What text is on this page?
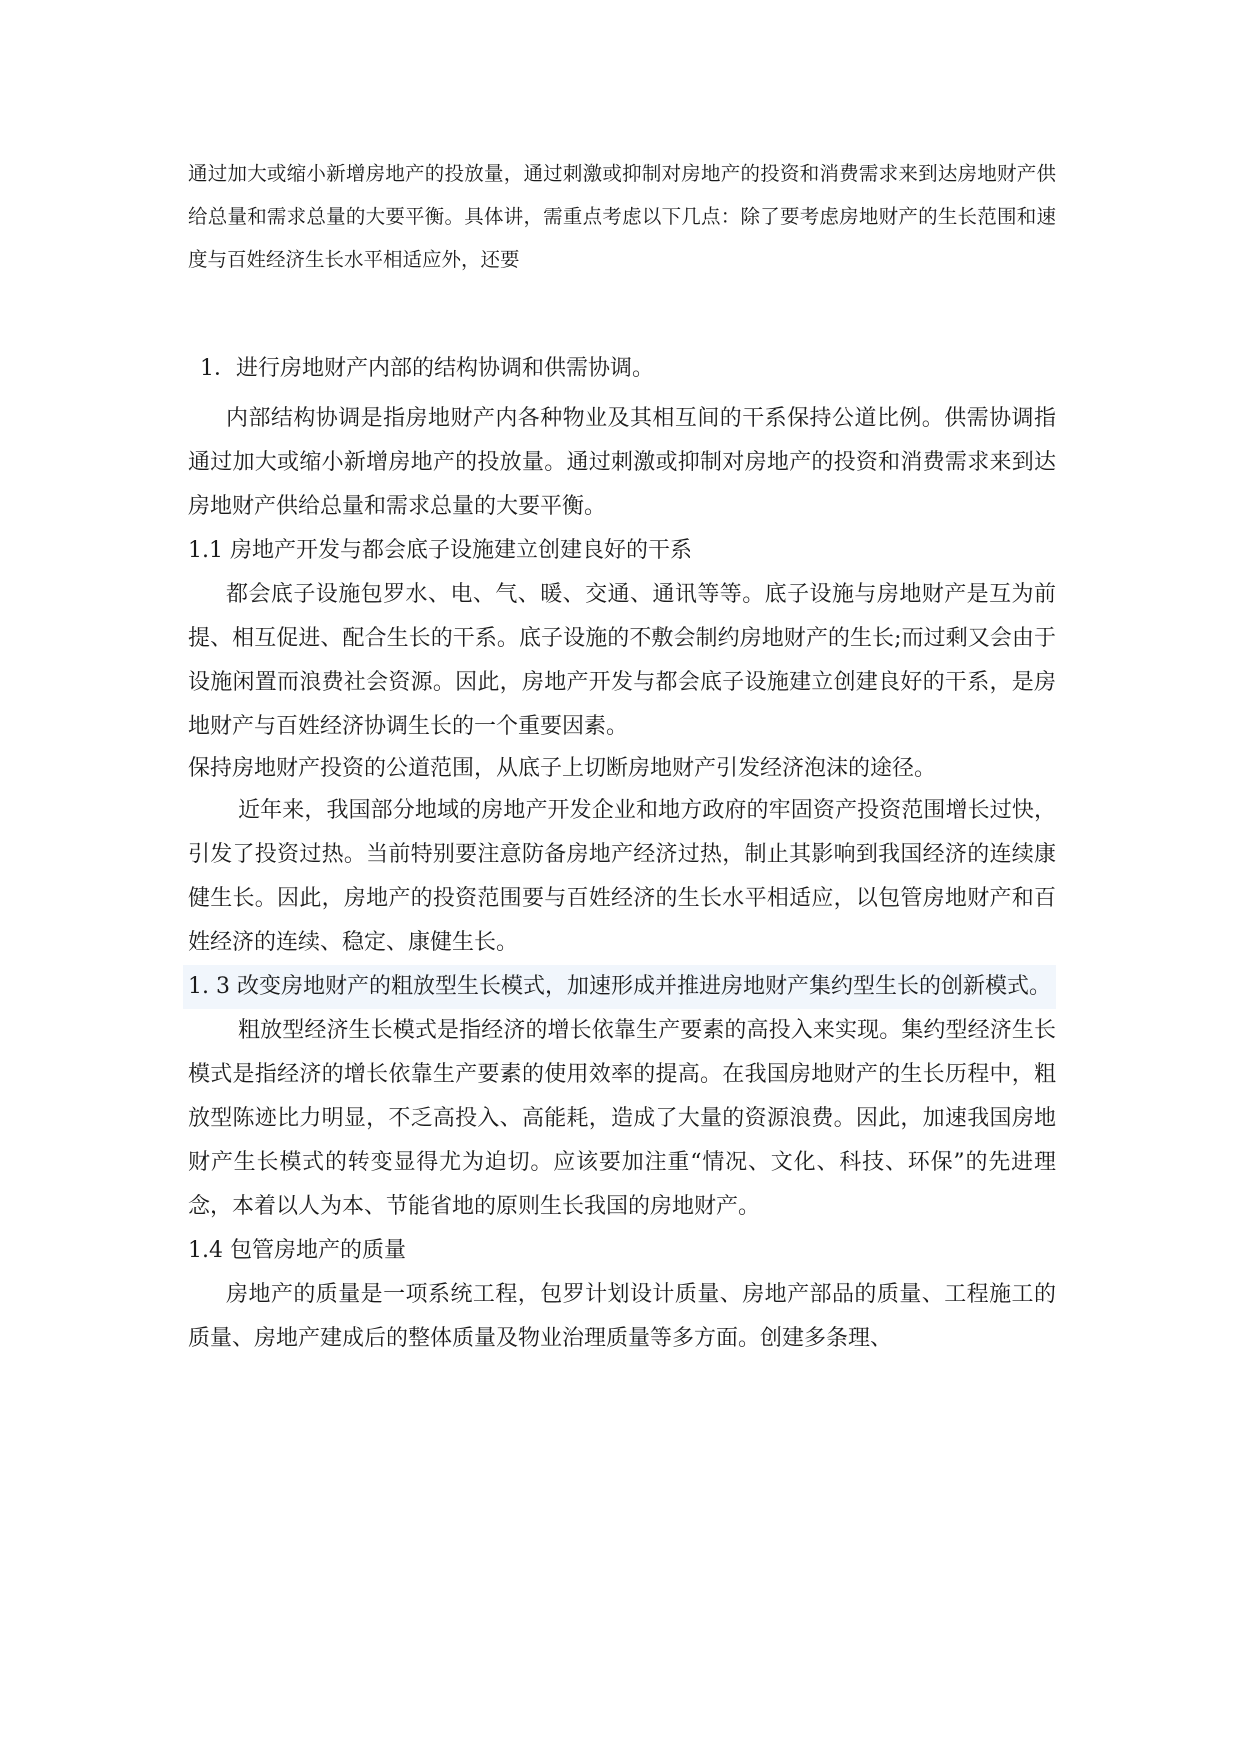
通过加大或缩小新增房地产的投放量，通过刺激或抑制对房地产的投资和消费需求来到达房地财产供给总量和需求总量的大要平衡。具体讲，需重点考虑以下几点：除了要考虑房地财产的生长范围和速度与百姓经济生长水平相适应外，还要

1．进行房地财产内部的结构协调和供需协调。

内部结构协调是指房地财产内各种物业及其相互间的干系保持公道比例。供需协调指通过加大或缩小新增房地产的投放量。通过刺激或抑制对房地产的投资和消费需求来到达房地财产供给总量和需求总量的大要平衡。

1.1 房地产开发与都会底子设施建立创建良好的干系

都会底子设施包罗水、电、气、暖、交通、通讯等等。底子设施与房地财产是互为前提、相互促进、配合生长的干系。底子设施的不敷会制约房地财产的生长;而过剩又会由于设施闲置而浪费社会资源。因此，房地产开发与都会底子设施建立创建良好的干系，是房地财产与百姓经济协调生长的一个重要因素。

保持房地财产投资的公道范围，从底子上切断房地财产引发经济泡沫的途径。

近年来，我国部分地域的房地产开发企业和地方政府的牢固资产投资范围增长过快，引发了投资过热。当前特别要注意防备房地产经济过热，制止其影响到我国经济的连续康健生长。因此，房地产的投资范围要与百姓经济的生长水平相适应，以包管房地财产和百姓经济的连续、稳定、康健生长。

1. 3 改变房地财产的粗放型生长模式，加速形成并推进房地财产集约型生长的创新模式。

粗放型经济生长模式是指经济的增长依靠生产要素的高投入来实现。集约型经济生长模式是指经济的增长依靠生产要素的使用效率的提高。在我国房地财产的生长历程中，粗放型陈迹比力明显，不乏高投入、高能耗，造成了大量的资源浪费。因此，加速我国房地财产生长模式的转变显得尤为迫切。应该要加注重“情况、文化、科技、环保”的先进理念，本着以人为本、节能省地的原则生长我国的房地财产。

1.4 包管房地产的质量

房地产的质量是一项系统工程，包罗计划设计质量、房地产部品的质量、工程施工的质量、房地产建成后的整体质量及物业治理质量等多方面。创建多条理、
